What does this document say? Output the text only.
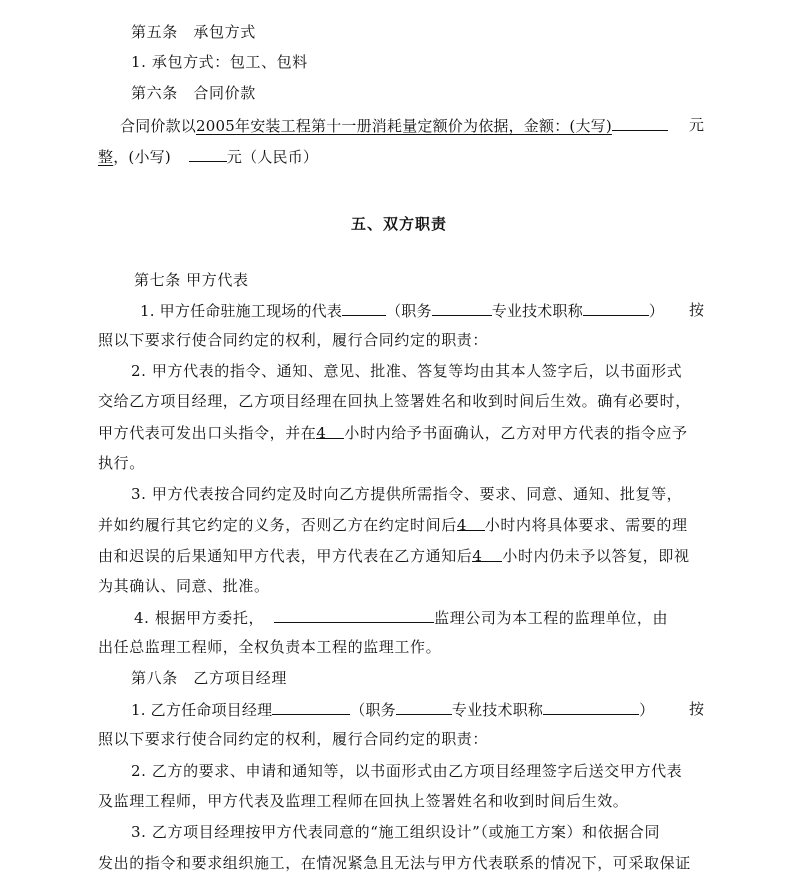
第五条　承包方式
1. 承包方式：包工、包料
第六条　合同价款
合同价款以2005年安装工程第十一册消耗量定额价为依据，金额：(大写)	元
整，(小写)	元（人民币）
五、双方职责
第七条 甲方代表
1. 甲方任命驻施工现场的代表	（职务	专业技术职称	） 按
照以下要求行使合同约定的权利，履行合同约定的职责：
2. 甲方代表的指令、通知、意见、批准、答复等均由其本人签字后，以书面形式
交给乙方项目经理，乙方项目经理在回执上签署姓名和收到时间后生效。确有必要时，
甲方代表可发出口头指令，并在4 小时内给予书面确认，乙方对甲方代表的指令应予
执行。
3. 甲方代表按合同约定及时向乙方提供所需指令、要求、同意、通知、批复等，
并如约履行其它约定的义务，否则乙方在约定时间后4 小时内将具体要求、需要的理
由和迟误的后果通知甲方代表，甲方代表在乙方通知后4 小时内仍未予以答复，即视
为其确认、同意、批准。
4. 根据甲方委托，	监理公司为本工程的监理单位，由
出任总监理工程师，全权负责本工程的监理工作。
第八条　乙方项目经理
1. 乙方任命项目经理	（职务	专业技术职称	） 按
照以下要求行使合同约定的权利，履行合同约定的职责：
2. 乙方的要求、申请和通知等，以书面形式由乙方项目经理签字后送交甲方代表
及监理工程师，甲方代表及监理工程师在回执上签署姓名和收到时间后生效。
3. 乙方项目经理按甲方代表同意的“施工组织设计”（或施工方案）和依据合同
发出的指令和要求组织施工，在情况紧急且无法与甲方代表联系的情况下，可采取保证
